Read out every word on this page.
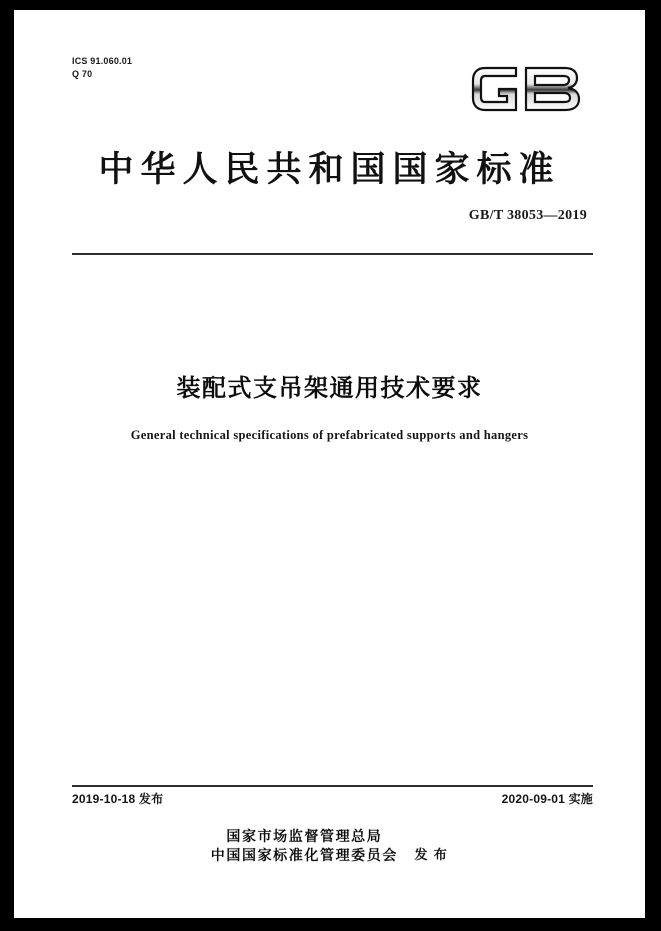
ICS 91.060.01
Q 70
中华人民共和国国家标准
GB/T 38053—2019
装配式支吊架通用技术要求
General technical specifications of prefabricated supports and hangers
2019-10-18 发布	2020-09-01 实施
国家市场监督管理总局
中国国家标准化管理委员会 发 布
